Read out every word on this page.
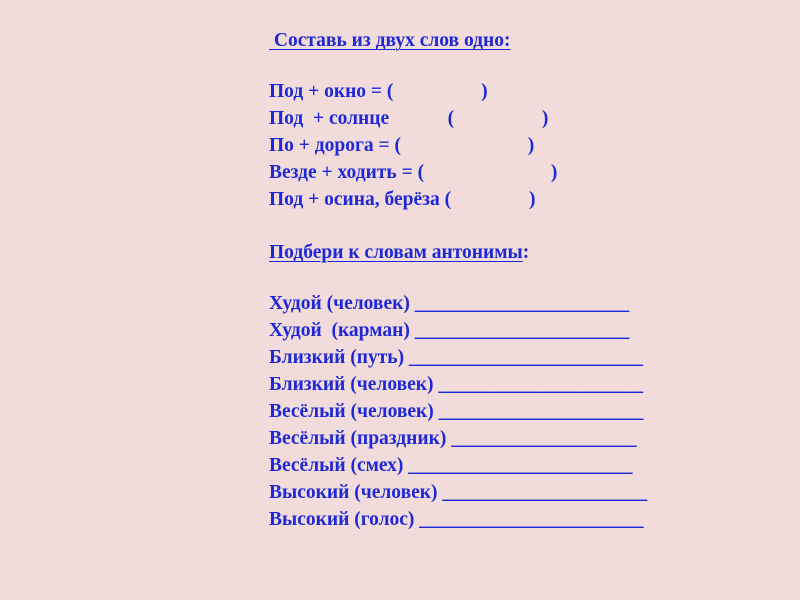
Составь из двух слов одно:

Под + окно = (                  )

Под  + солнце            (                  )

По + дорога = (                          )

Везде + ходить = (                          )

Под + осина, берёза (                )

Подбери к словам антонимы:

Худой (человек) ______________________

Худой  (карман) ______________________

Близкий (путь) ________________________

Близкий (человек) _____________________

Весёлый (человек) _____________________

Весёлый (праздник) ___________________

Весёлый (смех) _______________________

Высокий (человек) _____________________

Высокий (голос) _______________________
